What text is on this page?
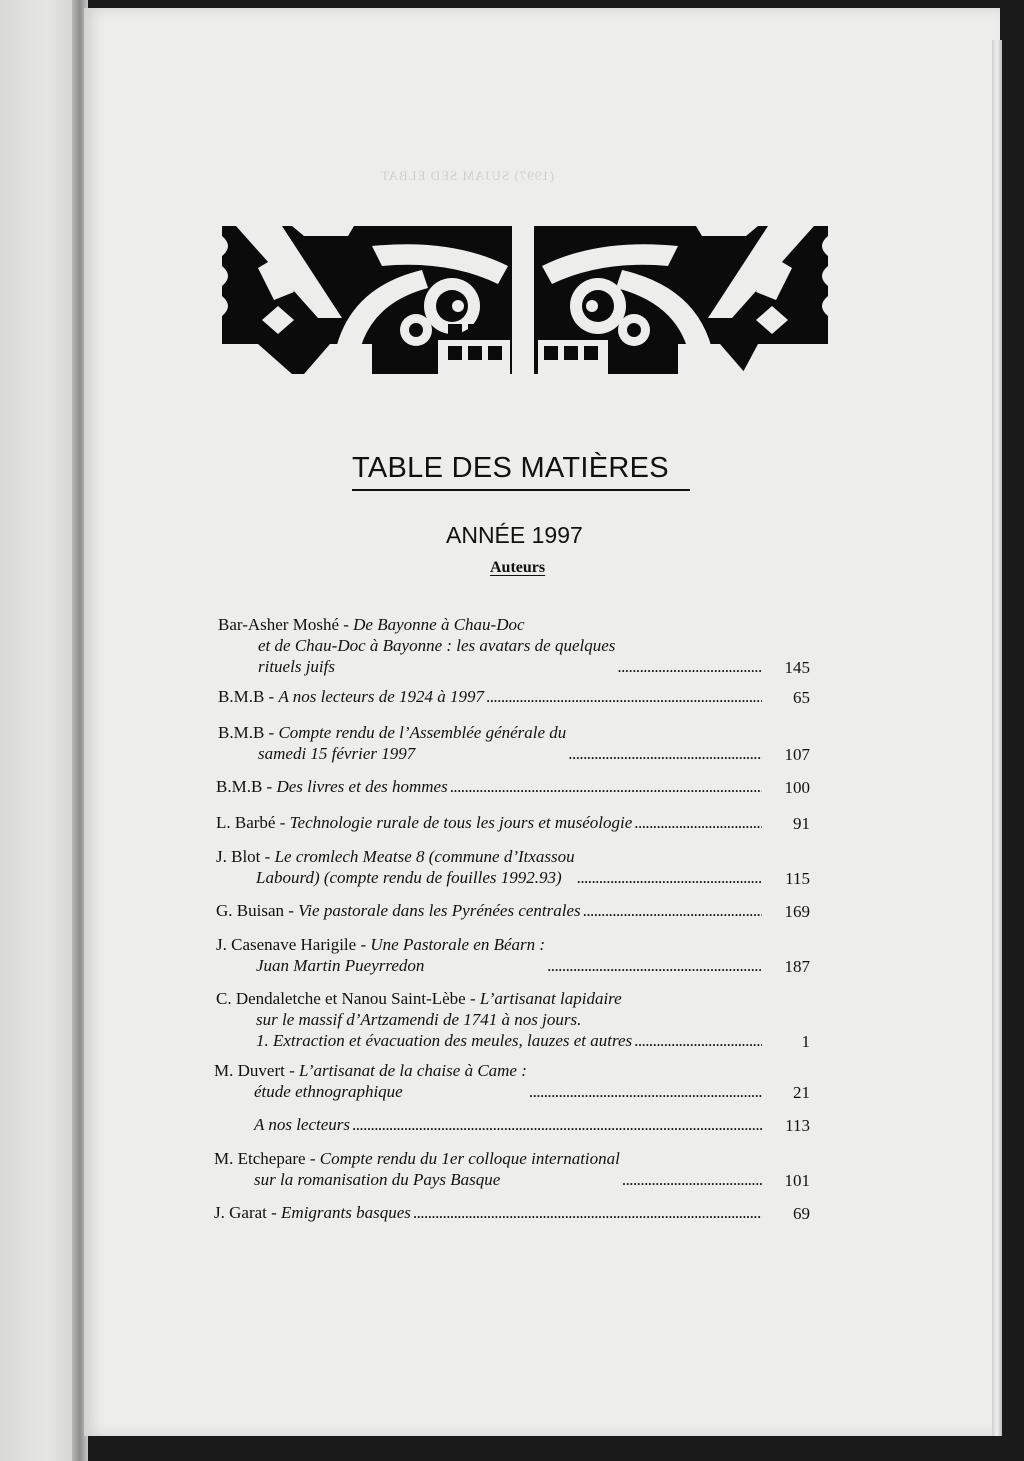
(1997) SUJAM SED ELBAT
TABLE DES MATIÈRES
ANNÉE 1997
Auteurs
Bar-Asher Moshé - De Bayonne à Chau-Doc
et de Chau-Doc à Bayonne : les avatars de quelques
rituels juifs . . .	145
B.M.B - A nos lecteurs de 1924 à 1997 . . .	65
B.M.B - Compte rendu de l’Assemblée générale du
samedi 15 février 1997 . . .	107
B.M.B - Des livres et des hommes . . .	100
L. Barbé - Technologie rurale de tous les jours et muséologie . . .	91
J. Blot - Le cromlech Meatse 8 (commune d’Itxassou
Labourd) (compte rendu de fouilles 1992.93) . . .	115
G. Buisan - Vie pastorale dans les Pyrénées centrales . . .	169
J. Casenave Harigile - Une Pastorale en Béarn :
Juan Martin Pueyrredon . . .	187
C. Dendaletche et Nanou Saint-Lèbe - L’artisanat lapidaire
sur le massif d’Artzamendi de 1741 à nos jours.
1. Extraction et évacuation des meules, lauzes et autres . . .	1
M. Duvert - L’artisanat de la chaise à Came :
étude ethnographique . . .	21
A nos lecteurs . . .	113
M. Etchepare - Compte rendu du 1er colloque international
sur la romanisation du Pays Basque . . .	101
J. Garat - Emigrants basques . . .	69
